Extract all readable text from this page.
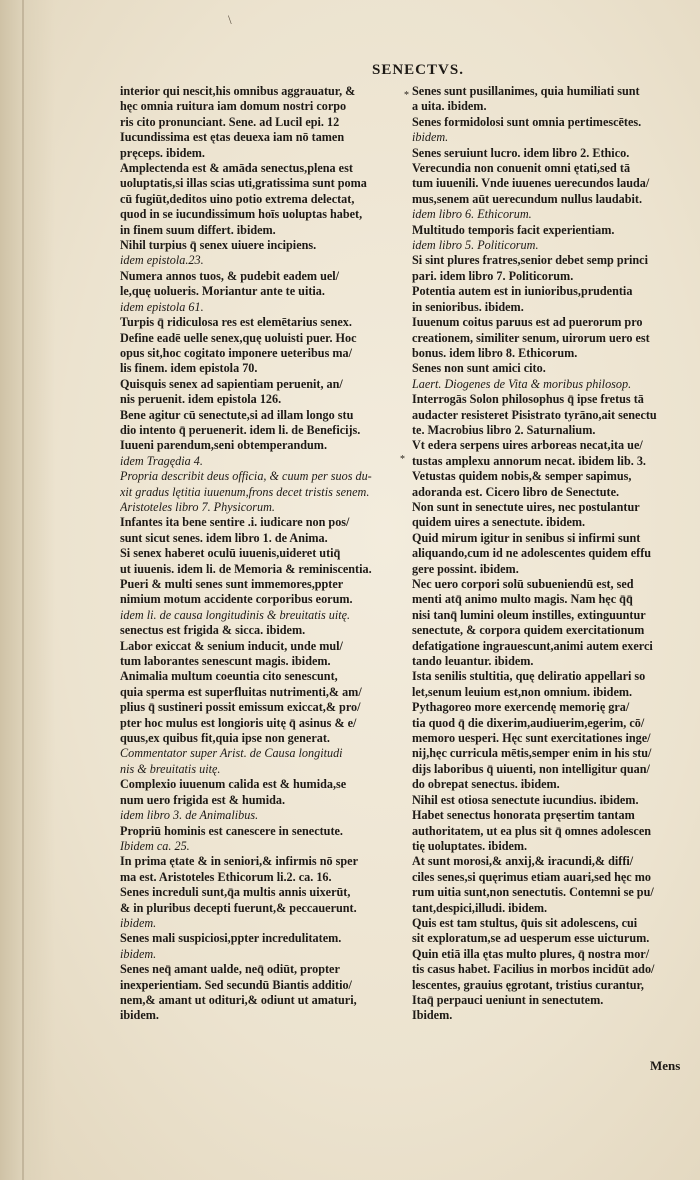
\
SENECTVS.
interior qui nescit,his omnibus aggrauatur, &
hęc omnia ruitura iam domum nostri corpo
ris cito pronunciant. Sene. ad Lucil epi. 12
Iucundissima est ętas deuexa iam nō tamen
pręceps. ibidem.
Amplectenda est & amāda senectus,plena est
uoluptatis,si illas scias uti,gratissima sunt poma
cū fugiūt,deditos uino potio extrema delectat,
quod in se iucundissimum hoīs uoluptas habet,
in finem suum differt. ibidem.
Nihil turpius q̄ senex uiuere incipiens.
idem epistola.23.
Numera annos tuos, & pudebit eadem uel/
le,quę uolueris. Moriantur ante te uitia.
idem epistola 61.
Turpis q̄ ridiculosa res est elemētarius senex.
Define eadē uelle senex,quę uoluisti puer. Hoc
opus sit,hoc cogitato imponere ueteribus ma/
lis finem. idem epistola 70.
Quisquis senex ad sapientiam peruenit, an/
nis peruenit. idem epistola 126.
Bene agitur cū senectute,si ad illam longo stu
dio intento q̄ peruenerit. idem li. de Beneficijs.
Iuueni parendum,seni obtemperandum.
idem Tragędia 4.
Propria describit deus officia, & cuum per suos du-
xit gradus lętitia iuuenum,frons decet tristis senem.
Aristoteles libro 7. Physicorum.
Infantes ita bene sentire .i. iudicare non pos/
sunt sicut senes. idem libro 1. de Anima.
Si senex haberet oculū iuuenis,uideret utiq̄
ut iuuenis. idem li. de Memoria & reminiscentia.
Pueri & multi senes sunt immemores,ppter
nimium motum accidente corporibus eorum.
idem li. de causa longitudinis & breuitatis uitę.
senectus est frigida & sicca. ibidem.
Labor exiccat & senium inducit, unde mul/
tum laborantes senescunt magis. ibidem.
Animalia multum coeuntia cito senescunt,
quia sperma est superfluitas nutrimenti,& am/
plius q̄ sustineri possit emissum exiccat,& pro/
pter hoc mulus est longioris uitę q̄ asinus & e/
quus,ex quibus fit,quia ipse non generat.
Commentator super Arist. de Causa longitudi
nis & breuitatis uitę.
Complexio iuuenum calida est & humida,se
num uero frigida est & humida.
idem libro 3. de Animalibus.
Propriū hominis est canescere in senectute.
Ibidem ca. 25.
In prima ętate & in seniori,& infirmis nō sper
ma est. Aristoteles Ethicorum li.2. ca. 16.
Senes increduli sunt,q̄a multis annis uixerūt,
& in pluribus decepti fuerunt,& peccauerunt.
ibidem.
Senes mali suspiciosi,ppter incredulitatem.
ibidem.
Senes neq̄ amant ualde, neq̄ odiūt, propter
inexperientiam. Sed secundū Biantis additio/
nem,& amant ut odituri,& odiunt ut amaturi,
ibidem.
Senes sunt pusillanimes, quia humiliati sunt
a uita. ibidem.
Senes formidolosi sunt omnia pertimescētes.
ibidem.
Senes seruiunt lucro. idem libro 2. Ethico.
Verecundia non conuenit omni ętati,sed tā
tum iuuenili. Vnde iuuenes uerecundos lauda/
mus,senem aūt uerecundum nullus laudabit.
idem libro 6. Ethicorum.
Multitudo temporis facit experientiam.
idem libro 5. Politicorum.
Si sint plures fratres,senior debet semp princi
pari. idem libro 7. Politicorum.
Potentia autem est in iunioribus,prudentia
in senioribus. ibidem.
Iuuenum coitus paruus est ad puerorum pro
creationem, similiter senum, uirorum uero est
bonus. idem libro 8. Ethicorum.
Senes non sunt amici cito.
Laert. Diogenes de Vita & moribus philosop.
Interrogās Solon philosophus q̄ ipse fretus tā
audacter resisteret Pisistrato tyrāno,ait senectu
te. Macrobius libro 2. Saturnalium.
Vt edera serpens uires arboreas necat,ita ue/
tustas amplexu annorum necat. ibidem lib. 3.
Vetustas quidem nobis,& semper sapimus,
adoranda est. Cicero libro de Senectute.
Non sunt in senectute uires, nec postulantur
quidem uires a senectute. ibidem.
Quid mirum igitur in senibus si infirmi sunt
aliquando,cum id ne adolescentes quidem effu
gere possint. ibidem.
Nec uero corpori solū subueniendū est, sed
menti atq̄ animo multo magis. Nam hęc q̄q̄
nisi tanq̄ lumini oleum instilles, extinguuntur
senectute, & corpora quidem exercitationum
defatigatione ingrauescunt,animi autem exerci
tando leuantur. ibidem.
Ista senilis stultitia, quę deliratio appellari so
let,senum leuium est,non omnium. ibidem.
Pythagoreo more exercendę memorię gra/
tia quod q̄ die dixerim,audiuerim,egerim, cō/
memoro uesperi. Hęc sunt exercitationes inge/
nij,hęc curricula mētis,semper enim in his stu/
dijs laboribus q̄ uiuenti, non intelligitur quan/
do obrepat senectus. ibidem.
Nihil est otiosa senectute iucundius. ibidem.
Habet senectus honorata pręsertim tantam
authoritatem, ut ea plus sit q̄ omnes adolescen
tię uoluptates. ibidem.
At sunt morosi,& anxij,& iracundi,& diffi/
ciles senes,si quęrimus etiam auari,sed hęc mo
rum uitia sunt,non senectutis. Contemni se pu/
tant,despici,illudi. ibidem.
Quis est tam stultus, q̄uis sit adolescens, cui
sit exploratum,se ad uesperum esse uicturum.
Quin etiā illa ętas multo plures, q̄ nostra mor/
tis casus habet. Facilius in morbos incidūt ado/
lescentes, grauius ęgrotant, tristius curantur,
Itaq̄ perpauci ueniunt in senectutem.
Ibidem.
*
*
Mens
